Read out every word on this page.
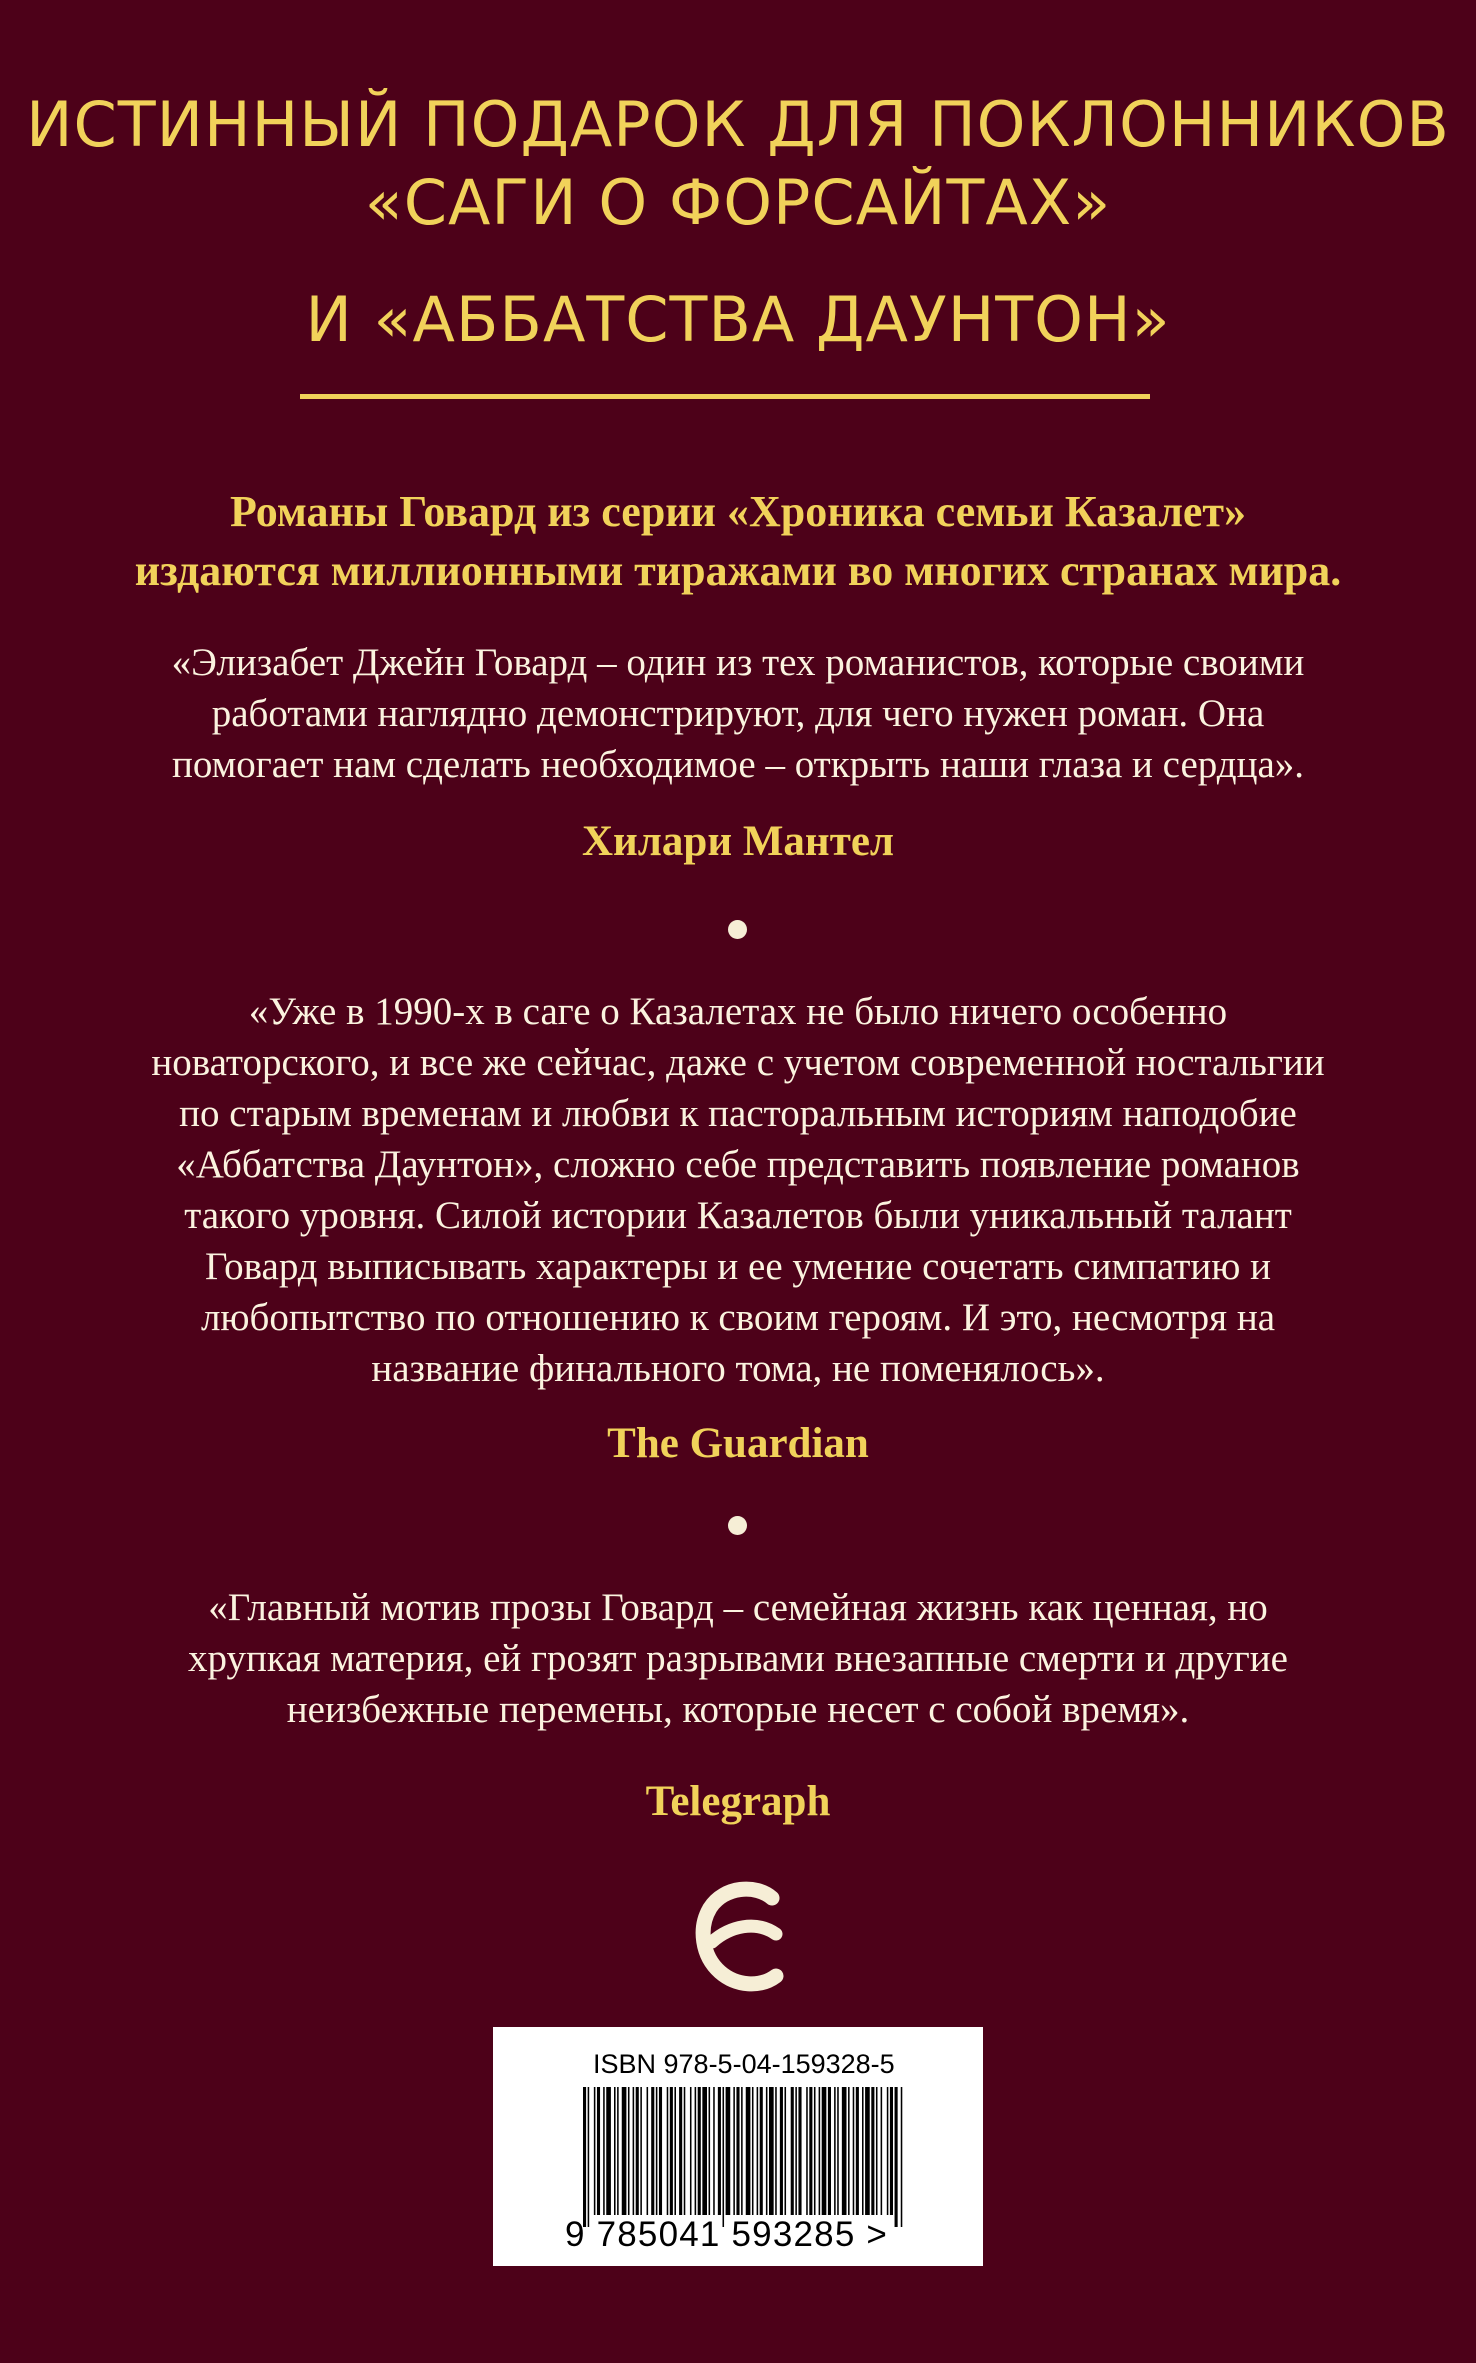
ИСТИННЫЙ ПОДАРОК ДЛЯ ПОКЛОННИКОВ
«САГИ О ФОРСАЙТАХ»
И «АББАТСТВА ДАУНТОН»
Романы Говард из серии «Хроника семьи Казалет»
издаются миллионными тиражами во многих странах мира.
«Элизабет Джейн Говард – один из тех романистов, которые своими
работами наглядно демонстрируют, для чего нужен роман. Она
помогает нам сделать необходимое – открыть наши глаза и сердца».
Хилари Мантел
«Уже в 1990-х в саге о Казалетах не было ничего особенно
новаторского, и все же сейчас, даже с учетом современной ностальгии
по старым временам и любви к пасторальным историям наподобие
«Аббатства Даунтон», сложно себе представить появление романов
такого уровня. Силой истории Казалетов были уникальный талант
Говард выписывать характеры и ее умение сочетать симпатию и
любопытство по отношению к своим героям. И это, несмотря на
название финального тома, не поменялось».
The Guardian
«Главный мотив прозы Говард – семейная жизнь как ценная, но
хрупкая материя, ей грозят разрывами внезапные смерти и другие
неизбежные перемены, которые несет с собой время».
Telegraph
ISBN 978-5-04-159328-5
9 785041 593285 >
